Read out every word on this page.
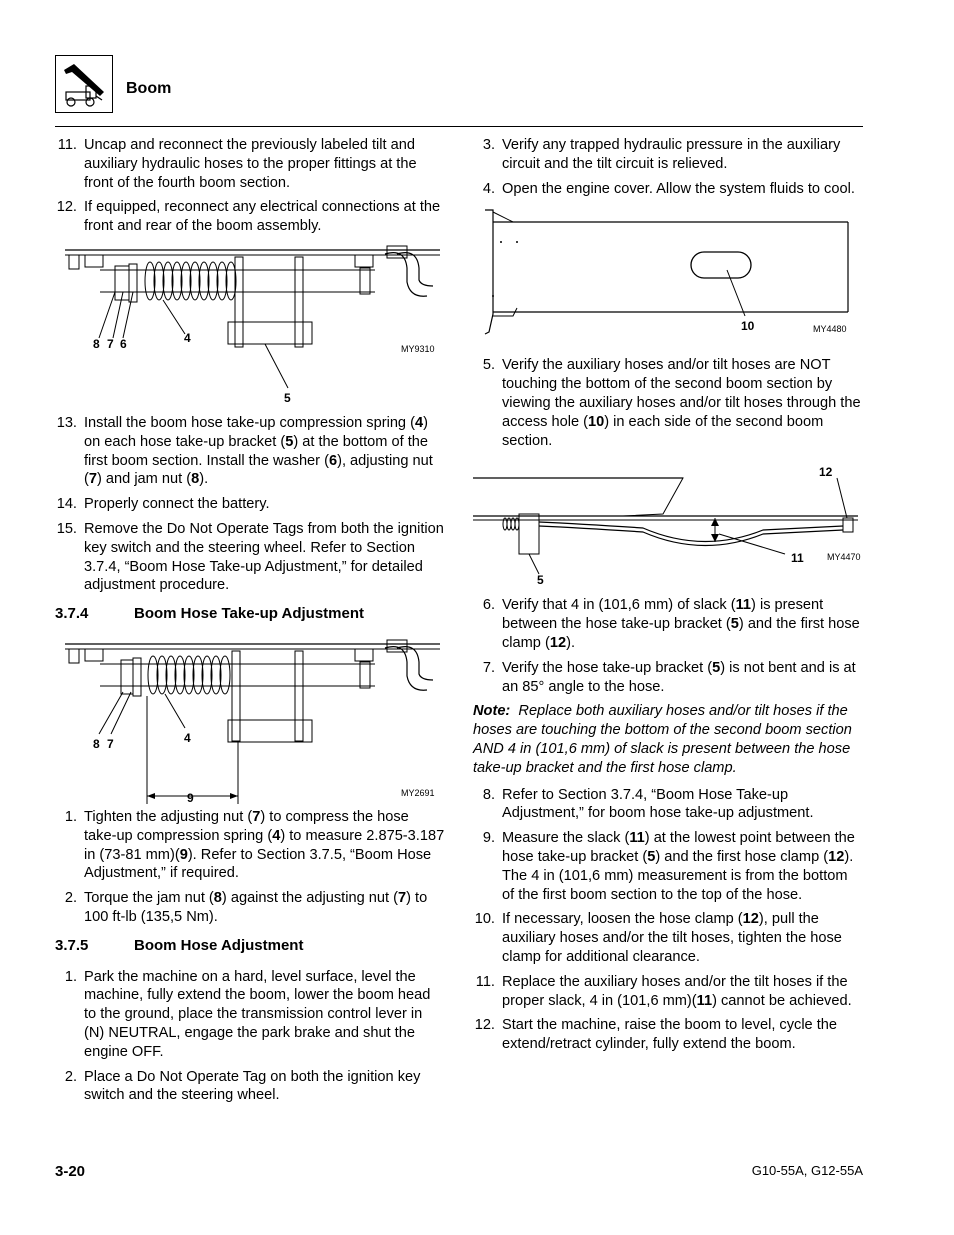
Boom
11. Uncap and reconnect the previously labeled tilt and auxiliary hydraulic hoses to the proper fittings at the front of the fourth boom section.
12. If equipped, reconnect any electrical connections at the front and rear of the boom assembly.
8 7 6	4
5
MY9310
13. Install the boom hose take-up compression spring (4) on each hose take-up bracket (5) at the bottom of the first boom section. Install the washer (6), adjusting nut (7) and jam nut (8).
14. Properly connect the battery.
15. Remove the Do Not Operate Tags from both the ignition key switch and the steering wheel. Refer to Section 3.7.4, “Boom Hose Take-up Adjustment,” for detailed adjustment procedure.
3.7.4	Boom Hose Take-up Adjustment
8 7	4
9	MY2691
1. Tighten the adjusting nut (7) to compress the hose take-up compression spring (4) to measure 2.875-3.187 in (73-81 mm)(9). Refer to Section 3.7.5, “Boom Hose Adjustment,” if required.
2. Torque the jam nut (8) against the adjusting nut (7) to 100 ft-lb (135,5 Nm).
3.7.5	Boom Hose Adjustment
1. Park the machine on a hard, level surface, level the machine, fully extend the boom, lower the boom head to the ground, place the transmission control lever in (N) NEUTRAL, engage the park brake and shut the engine OFF.
2. Place a Do Not Operate Tag on both the ignition key switch and the steering wheel.
3. Verify any trapped hydraulic pressure in the auxiliary circuit and the tilt circuit is relieved.
4. Open the engine cover. Allow the system fluids to cool.
10	MY4480
5. Verify the auxiliary hoses and/or tilt hoses are NOT touching the bottom of the second boom section by viewing the auxiliary hoses and/or tilt hoses through the access hole (10) in each side of the second boom section.
12
11
5
MY4470
6. Verify that 4 in (101,6 mm) of slack (11) is present between the hose take-up bracket (5) and the first hose clamp (12).
7. Verify the hose take-up bracket (5) is not bent and is at an 85° angle to the hose.
Note: Replace both auxiliary hoses and/or tilt hoses if the hoses are touching the bottom of the second boom section AND 4 in (101,6 mm) of slack is present between the hose take-up bracket and the first hose clamp.
8. Refer to Section 3.7.4, “Boom Hose Take-up Adjustment,” for boom hose take-up adjustment.
9. Measure the slack (11) at the lowest point between the hose take-up bracket (5) and the first hose clamp (12). The 4 in (101,6 mm) measurement is from the bottom of the first boom section to the top of the hose.
10. If necessary, loosen the hose clamp (12), pull the auxiliary hoses and/or the tilt hoses, tighten the hose clamp for additional clearance.
11. Replace the auxiliary hoses and/or the tilt hoses if the proper slack, 4 in (101,6 mm)(11) cannot be achieved.
12. Start the machine, raise the boom to level, cycle the extend/retract cylinder, fully extend the boom.
3-20	G10-55A, G12-55A
